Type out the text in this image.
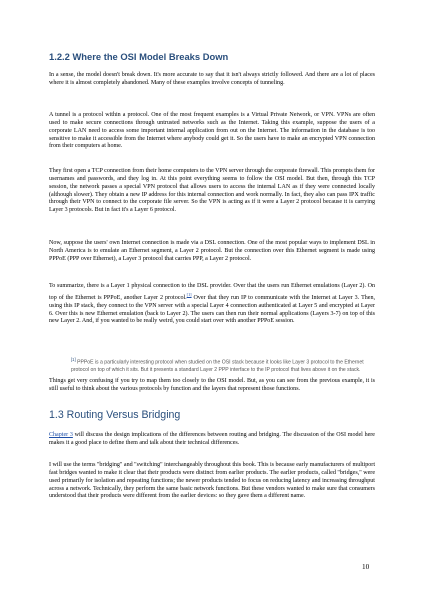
1.2.2 Where the OSI Model Breaks Down

In a sense, the model doesn't break down. It's more accurate to say that it isn't always strictly followed. And there are a lot of places where it is almost completely abandoned. Many of these examples involve concepts of tunneling.

A tunnel is a protocol within a protocol. One of the most frequent examples is a Virtual Private Network, or VPN. VPNs are often used to make secure connections through untrusted networks such as the Internet. Taking this example, suppose the users of a corporate LAN need to access some important internal application from out on the Internet. The information in the database is too sensitive to make it accessible from the Internet where anybody could get it. So the users have to make an encrypted VPN connection from their computers at home.

They first open a TCP connection from their home computers to the VPN server through the corporate firewall. This prompts them for usernames and passwords, and they log in. At this point everything seems to follow the OSI model. But then, through this TCP session, the network passes a special VPN protocol that allows users to access the internal LAN as if they were connected locally (although slower). They obtain a new IP address for this internal connection and work normally. In fact, they also can pass IPX traffic through their VPN to connect to the corporate file server. So the VPN is acting as if it were a Layer 2 protocol because it is carrying Layer 3 protocols. But in fact it's a Layer 6 protocol.

Now, suppose the users' own Internet connection is made via a DSL connection. One of the most popular ways to implement DSL in North America is to emulate an Ethernet segment, a Layer 2 protocol. But the connection over this Ethernet segment is made using PPPoE (PPP over Ethernet), a Layer 3 protocol that carries PPP, a Layer 2 protocol.

To summarize, there is a Layer 1 physical connection to the DSL provider. Over that the users run Ethernet emulations (Layer 2). On top of the Ethernet is PPPoE, another Layer 2 protocol.[1] Over that they run IP to communicate with the Internet at Layer 3. Then, using this IP stack, they connect to the VPN server with a special Layer 4 connection authenticated at Layer 5 and encrypted at Layer 6. Over this is new Ethernet emulation (back to Layer 2). The users can then run their normal applications (Layers 3-7) on top of this new Layer 2. And, if you wanted to be really weird, you could start over with another PPPoE session.

[1] PPPoE is a particularly interesting protocol when studied on the OSI stack because it looks like Layer 3 protocol to the Ethernet protocol on top of which it sits. But it presents a standard Layer 2 PPP interface to the IP protocol that lives above it on the stack.

Things get very confusing if you try to map them too closely to the OSI model. But, as you can see from the previous example, it is still useful to think about the various protocols by function and the layers that represent those functions.

1.3 Routing Versus Bridging

Chapter 3 will discuss the design implications of the differences between routing and bridging. The discussion of the OSI model here makes it a good place to define them and talk about their technical differences.

I will use the terms "bridging" and "switching" interchangeably throughout this book. This is because early manufacturers of multiport fast bridges wanted to make it clear that their products were distinct from earlier products. The earlier products, called "bridges," were used primarily for isolation and repeating functions; the newer products tended to focus on reducing latency and increasing throughput across a network. Technically, they perform the same basic network functions. But these vendors wanted to make sure that consumers understood that their products were different from the earlier devices: so they gave them a different name.

10
